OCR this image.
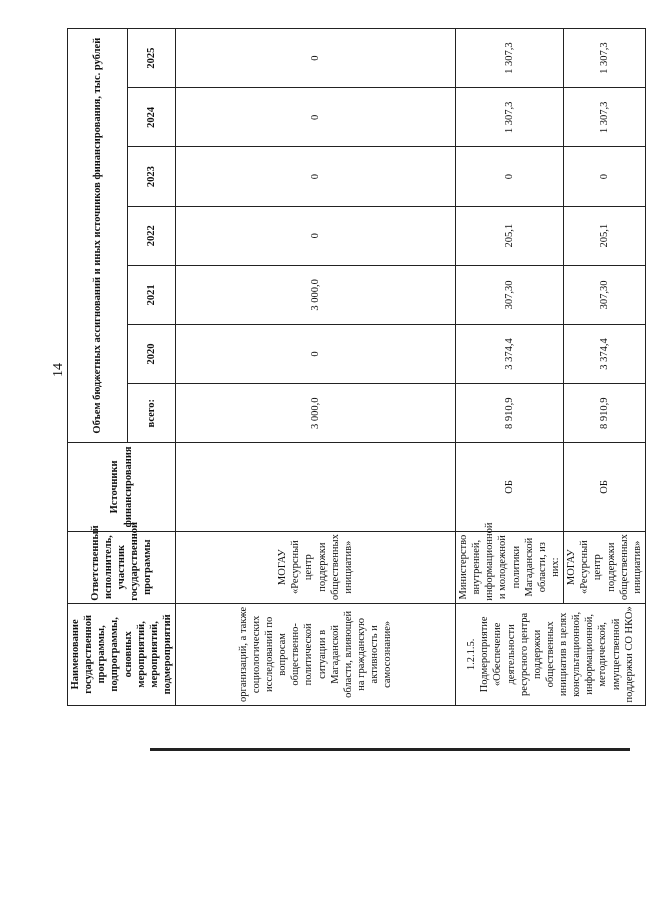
14
Наименование государственной программы, подпрограммы, основных мероприятий, мероприятий, подмероприятий	Ответственный исполнитель, участник государственной программы	Источники финансирования	Объем бюджетных ассигнований и иных источников финансирования, тыс. рублей						
			всего:	2020	2021	2022	2023	2024	2025
организаций, а также социологических исследований по вопросам общественно-политической ситуации в Магаданской области, влияющей на гражданскую активность и самосознание»	МОГАУ «Ресурсный центр поддержки общественных инициатив»		3 000,0	0	3 000,0	0	0	0	0
1.2.1.5. Подмероприятие «Обеспечение деятельности ресурсного центра поддержки общественных инициатив в целях консультационной, информационной, методической, имущественной поддержки СО НКО»	Министерство внутренней, информационной и молодежной политики Магаданской области, из них:	ОБ	8 910,9	3 374,4	307,30	205,1	0	1 307,3	1 307,3
	МОГАУ «Ресурсный центр поддержки общественных инициатив»	ОБ	8 910,9	3 374,4	307,30	205,1	0	1 307,3	1 307,3
